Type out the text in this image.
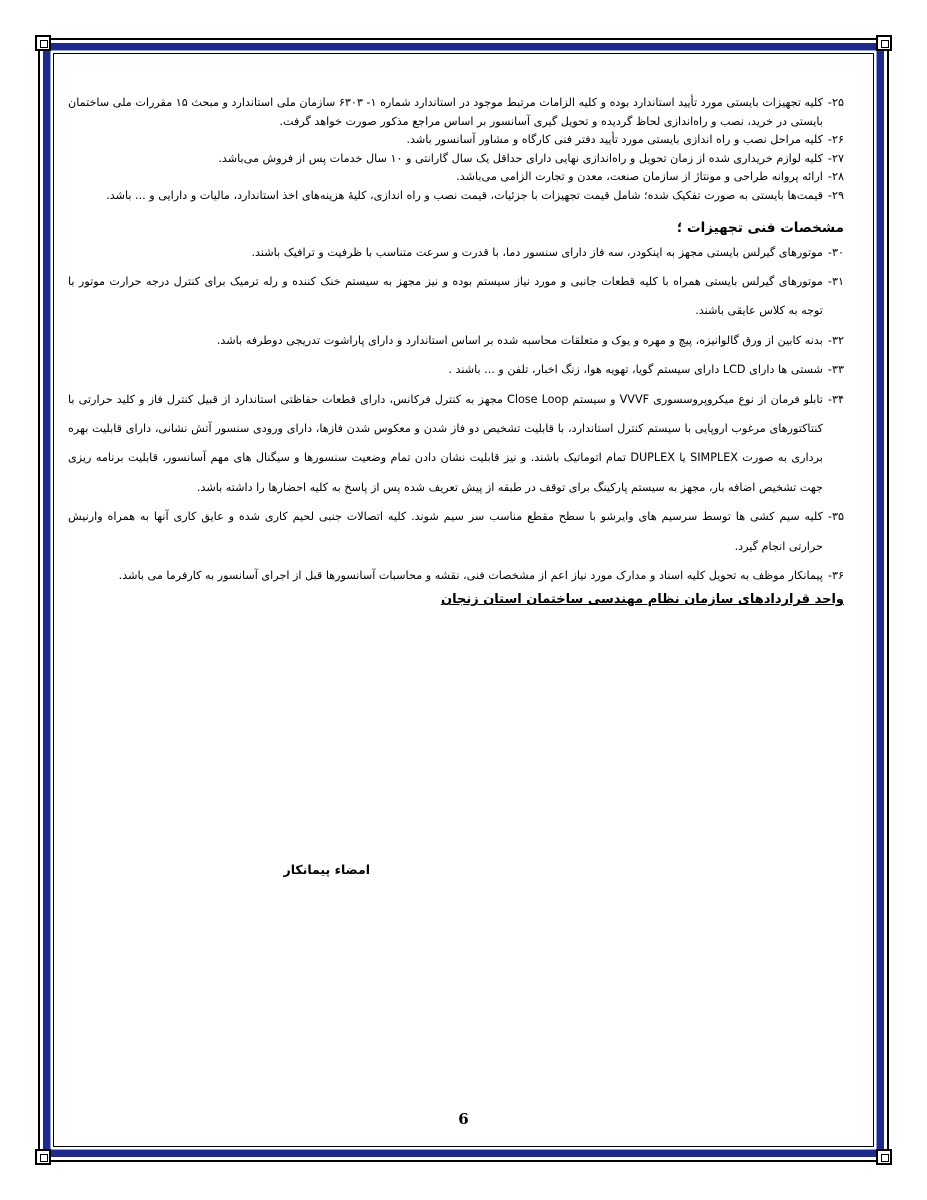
۲۵-
کلیه تجهیزات بایستی مورد تأیید استاندارد بوده و کلیه الزامات مرتبط موجود در استاندارد شماره ۱- ۶۳۰۳ سازمان ملی استاندارد و مبحث ۱۵ مقررات ملی ساختمان بایستی در خرید، نصب و راه‌اندازی لحاظ گردیده و تحویل گیری آسانسور بر اساس مراجع مذکور صورت خواهد گرفت.
۲۶-
کلیه مراحل نصب و راه اندازی بایستی مورد تأیید دفتر فنی کارگاه و مشاور آسانسور باشد.
۲۷-
کلیه لوازم خریداری شده از زمان تحویل و راه‌اندازی نهایی دارای حداقل یک سال گارانتی و ۱۰ سال خدمات پس از فروش می‌باشد.
۲۸-
ارائه پروانه طراحی و مونتاژ از سازمان صنعت، معدن و تجارت الزامی می‌باشد.
۲۹-
قیمت‌ها بایستی به صورت تفکیک شده؛ شامل قیمت تجهیزات با جزئیات، قیمت نصب و راه اندازی، کلیهٔ هزینه‌های اخذ استاندارد، مالیات و دارایی و ... باشد.
مشخصات فنی تجهیزات ؛
۳۰-
موتورهای گیرلس بایستی مجهز به اینکودر، سه فاز دارای سنسور دما، با قدرت و سرعت متناسب با ظرفیت و ترافیک باشند.
۳۱-
موتورهای گیرلس بایستی همراه با کلیه قطعات جانبی و مورد نیاز سیستم بوده و نیز مجهز به سیستم خنک کننده و رله ترمیک برای کنترل درجه حرارت موتور با توجه به کلاس عایقی باشند.
۳۲-
بدنه کابین از ورق گالوانیزه، پیچ و مهره و یوک و متعلقات محاسبه شده بر اساس استاندارد و دارای پاراشوت تدریجی دوطرفه باشد.
۳۳-
شستی ها دارای LCD دارای سیستم گویا، تهویه هوا، زنگ اخبار، تلفن و ... باشند .
۳۴-
تابلو فرمان از نوع میکروپروسسوری VVVF و سیستم Close Loop مجهز به کنترل فرکانس، دارای قطعات حفاظتی استاندارد از قبیل کنترل فاز و کلید حرارتی با کنتاکتورهای مرغوب اروپایی با سیستم کنترل استاندارد، با قابلیت تشخیص دو فاز شدن و معکوس شدن فازها، دارای ورودی سنسور آتش نشانی، دارای قابلیت بهره برداری به صورت SIMPLEX یا DUPLEX تمام اتوماتیک باشند. و نیز قابلیت نشان دادن تمام وضعیت سنسورها و سیگنال های مهم آسانسور، قابلیت برنامه ریزی جهت تشخیص اضافه بار، مجهز به سیستم پارکینگ برای توقف در طبقه از پیش تعریف شده پس از پاسخ به کلیه احضارها را داشته باشد.
۳۵-
کلیه سیم کشی ها توسط سرسیم های وایرشو با سطح مقطع مناسب سر سیم شوند. کلیه اتصالات جنبی لحیم کاری شده و عایق کاری آنها به همراه وارنیش حرارتی انجام گیرد.
۳۶-
پیمانکار موظف به تحویل کلیه اسناد و مدارک مورد نیاز اعم از مشخصات فنی، نقشه و محاسبات آسانسورها قبل از اجرای آسانسور به کارفرما می باشد.
واحد قراردادهای سازمان نظام مهندسی ساختمان استان زنجان
امضاء پیمانکار
6
